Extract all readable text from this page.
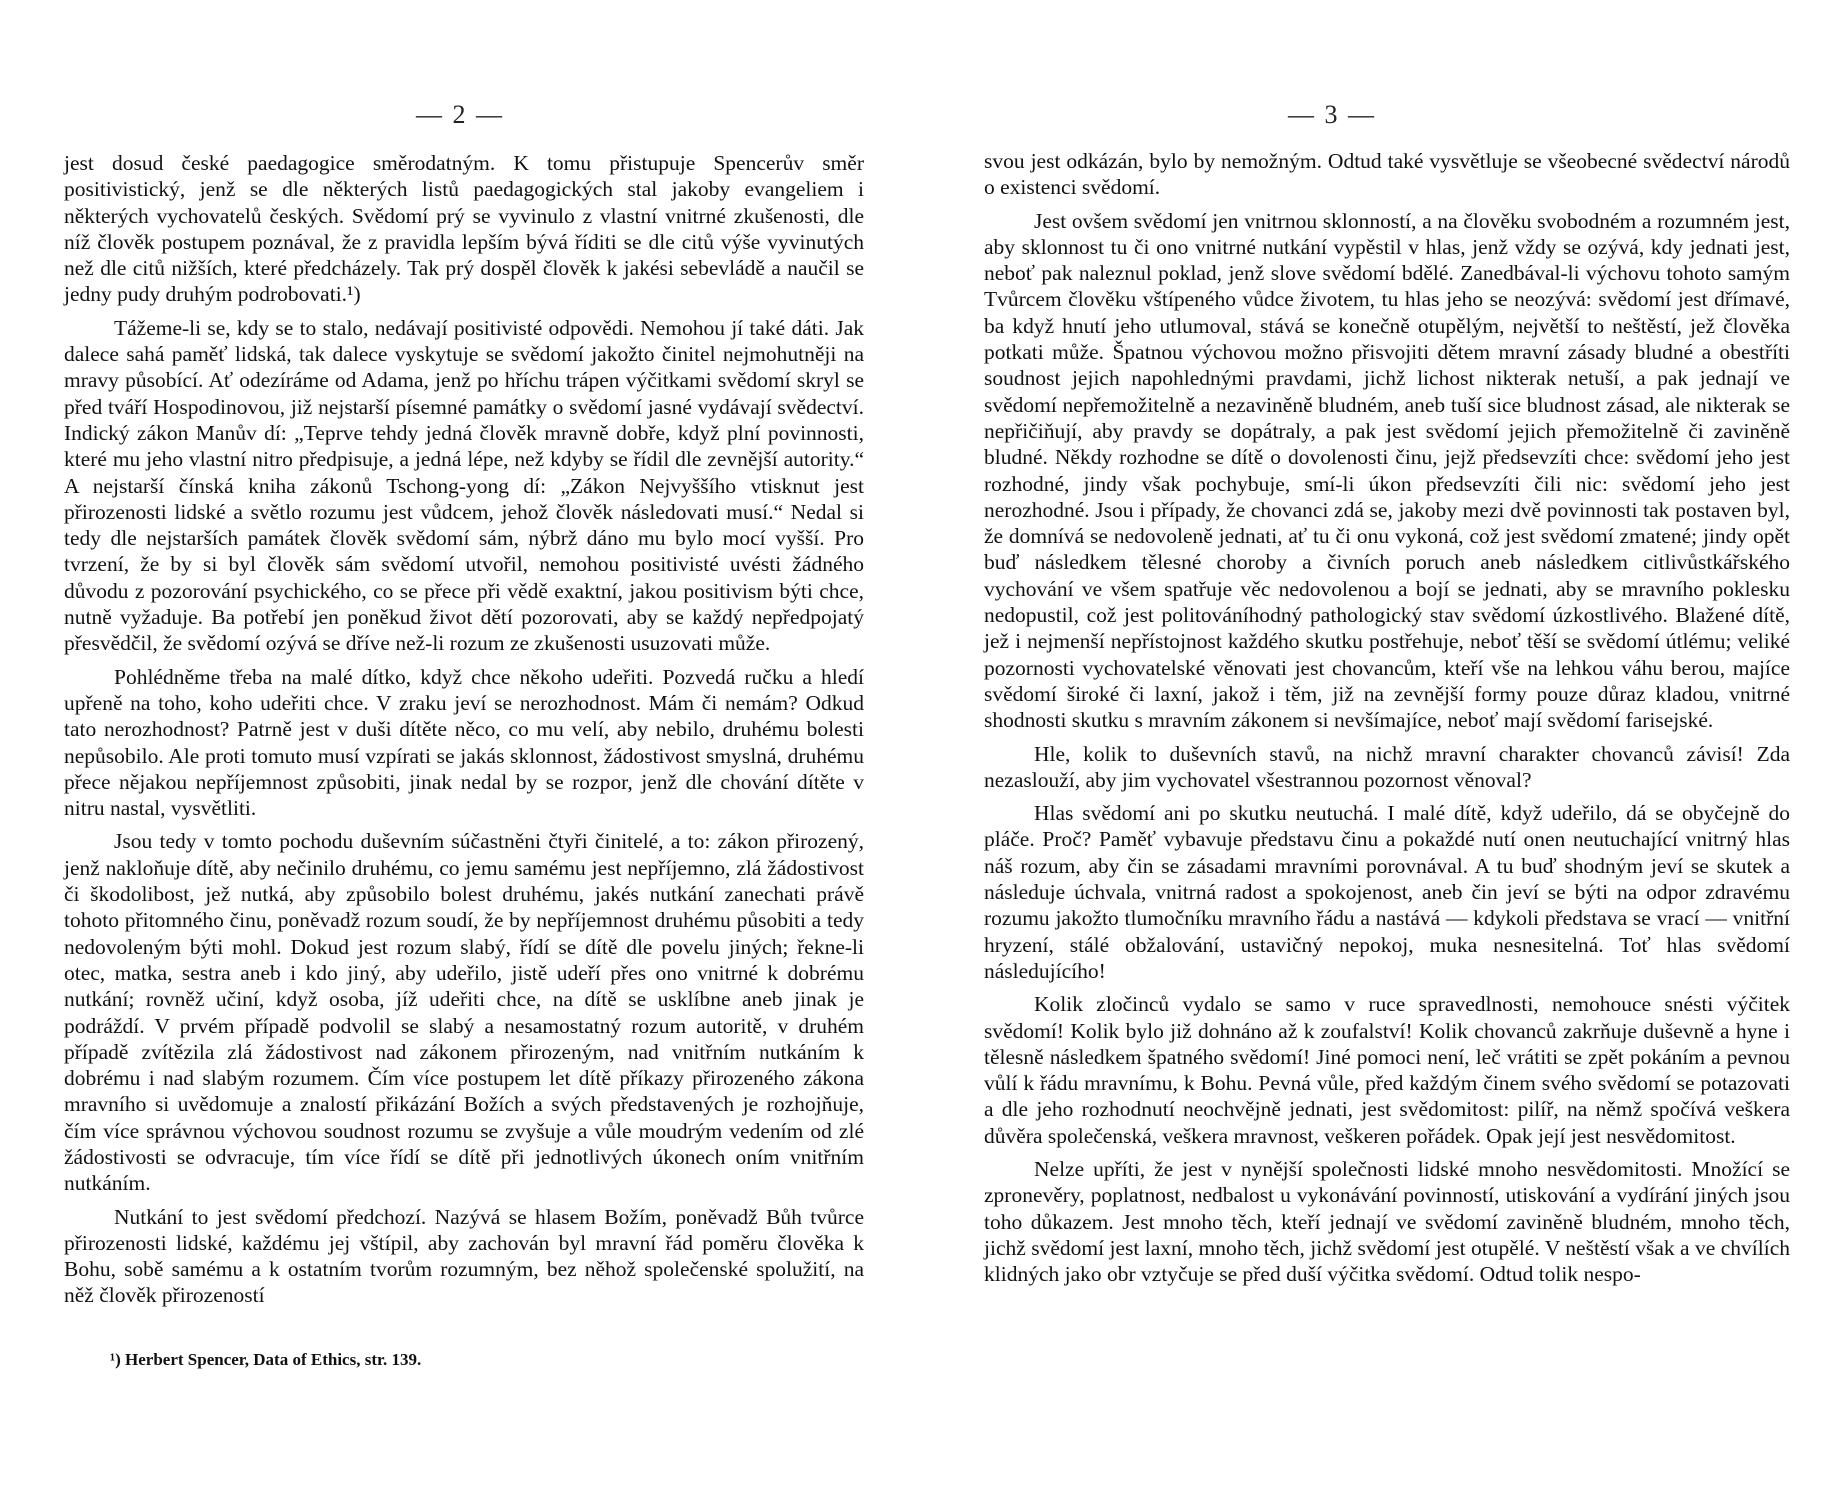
— 2 —

jest dosud české paedagogice směrodatným. K tomu přistupuje Spencerův směr positivistický, jenž se dle některých listů paedagogických stal jakoby evangeliem i některých vychovatelů českých. Svědomí prý se vyvinulo z vlastní vnitrné zkušenosti, dle níž člověk postupem poznával, že z pravidla lepším bývá říditi se dle citů výše vyvinutých než dle citů nižších, které předcházely. Tak prý dospěl člověk k jakési sebevládě a naučil se jedny pudy druhým podrobovati.¹)

Tážeme-li se, kdy se to stalo, nedávají positivisté odpovědi. Nemohou jí také dáti. Jak dalece sahá paměť lidská, tak dalece vyskytuje se svědomí jakožto činitel nejmohutněji na mravy působící. Ať odezíráme od Adama, jenž po hříchu trápen výčitkami svědomí skryl se před tváří Hospodinovou, již nejstarší písemné památky o svědomí jasné vydávají svědectví. Indický zákon Manův dí: „Teprve tehdy jedná člověk mravně dobře, když plní povinnosti, které mu jeho vlastní nitro předpisuje, a jedná lépe, než kdyby se řídil dle zevnější autority.“ A nejstarší čínská kniha zákonů Tschong-yong dí: „Zákon Nejvyššího vtisknut jest přirozenosti lidské a světlo rozumu jest vůdcem, jehož člověk následovati musí.“ Nedal si tedy dle nejstarších památek člověk svědomí sám, nýbrž dáno mu bylo mocí vyšší. Pro tvrzení, že by si byl člověk sám svědomí utvořil, nemohou positivisté uvésti žádného důvodu z pozorování psychického, co se přece při vědě exaktní, jakou positivism býti chce, nutně vyžaduje. Ba potřebí jen poněkud život dětí pozorovati, aby se každý nepředpojatý přesvědčil, že svědomí ozývá se dříve než-li rozum ze zkušenosti usuzovati může.

Pohlédněme třeba na malé dítko, když chce někoho udeřiti. Pozvedá ručku a hledí upřeně na toho, koho udeřiti chce. V zraku jeví se nerozhodnost. Mám či nemám? Odkud tato nerozhodnost? Patrně jest v duši dítěte něco, co mu velí, aby nebilo, druhému bolesti nepůsobilo. Ale proti tomuto musí vzpírati se jakás sklonnost, žádostivost smyslná, druhému přece nějakou nepříjemnost způsobiti, jinak nedal by se rozpor, jenž dle chování dítěte v nitru nastal, vysvětliti.

Jsou tedy v tomto pochodu duševním súčastněni čtyři činitelé, a to: zákon přirozený, jenž nakloňuje dítě, aby nečinilo druhému, co jemu samému jest nepříjemno, zlá žádostivost či škodolibost, jež nutká, aby způsobilo bolest druhému, jakés nutkání zanechati právě tohoto přitomného činu, poněvadž rozum soudí, že by nepříjemnost druhému působiti a tedy nedovoleným býti mohl. Dokud jest rozum slabý, řídí se dítě dle povelu jiných; řekne-li otec, matka, sestra aneb i kdo jiný, aby udeřilo, jistě udeří přes ono vnitrné k dobrému nutkání; rovněž učiní, když osoba, jíž udeřiti chce, na dítě se usklíbne aneb jinak je podráždí. V prvém případě podvolil se slabý a nesamostatný rozum autoritě, v druhém případě zvítězila zlá žádostivost nad zákonem přirozeným, nad vnitřním nutkáním k dobrému i nad slabým rozumem. Čím více postupem let dítě příkazy přirozeného zákona mravního si uvědomuje a znalostí přikázání Božích a svých představených je rozhojňuje, čím více správnou výchovou soudnost rozumu se zvyšuje a vůle moudrým vedením od zlé žádostivosti se odvracuje, tím více řídí se dítě při jednotlivých úkonech oním vnitřním nutkáním.

Nutkání to jest svědomí předchozí. Nazývá se hlasem Božím, poněvadž Bůh tvůrce přirozenosti lidské, každému jej vštípil, aby zachován byl mravní řád poměru člověka k Bohu, sobě samému a k ostatním tvorům rozumným, bez něhož společenské spolužití, na něž člověk přirozeností

¹) Herbert Spencer, Data of Ethics, str. 139.
— 3 —

svou jest odkázán, bylo by nemožným. Odtud také vysvětluje se všeobecné svědectví národů o existenci svědomí.

Jest ovšem svědomí jen vnitrnou sklonností, a na člověku svobodném a rozumném jest, aby sklonnost tu či ono vnitrné nutkání vypěstil v hlas, jenž vždy se ozývá, kdy jednati jest, neboť pak naleznul poklad, jenž slove svědomí bdělé. Zanedbával-li výchovu tohoto samým Tvůrcem člověku vštípeného vůdce životem, tu hlas jeho se neozývá: svědomí jest dřímavé, ba když hnutí jeho utlumoval, stává se konečně otupělým, největší to neštěstí, jež člověka potkati může. Špatnou výchovou možno přisvojiti dětem mravní zásady bludné a obestříti soudnost jejich napohlednými pravdami, jichž lichost nikterak netuší, a pak jednají ve svědomí nepřemožitelně a nezaviněně bludném, aneb tuší sice bludnost zásad, ale nikterak se nepřičiňují, aby pravdy se dopátraly, a pak jest svědomí jejich přemožitelně či zaviněně bludné. Někdy rozhodne se dítě o dovolenosti činu, jejž předsevzíti chce: svědomí jeho jest rozhodné, jindy však pochybuje, smí-li úkon předsevzíti čili nic: svědomí jeho jest nerozhodné. Jsou i případy, že chovanci zdá se, jakoby mezi dvě povinnosti tak postaven byl, že domnívá se nedovoleně jednati, ať tu či onu vykoná, což jest svědomí zmatené; jindy opět buď následkem tělesné choroby a čivních poruch aneb následkem citlivůstkářského vychování ve všem spatřuje věc nedovolenou a bojí se jednati, aby se mravního poklesku nedopustil, což jest politováníhodný pathologický stav svědomí úzkostlivého. Blažené dítě, jež i nejmenší nepřístojnost každého skutku postřehuje, neboť těší se svědomí útlému; veliké pozornosti vychovatelské věnovati jest chovancům, kteří vše na lehkou váhu berou, majíce svědomí široké či laxní, jakož i těm, již na zevnější formy pouze důraz kladou, vnitrné shodnosti skutku s mravním zákonem si nevšímajíce, neboť mají svědomí farisejské.

Hle, kolik to duševních stavů, na nichž mravní charakter chovanců závisí! Zda nezaslouží, aby jim vychovatel všestrannou pozornost věnoval?

Hlas svědomí ani po skutku neutuchá. I malé dítě, když udeřilo, dá se obyčejně do pláče. Proč? Paměť vybavuje představu činu a pokaždé nutí onen neutuchající vnitrný hlas náš rozum, aby čin se zásadami mravními porovnával. A tu buď shodným jeví se skutek a následuje úchvala, vnitrná radost a spokojenost, aneb čin jeví se býti na odpor zdravému rozumu jakožto tlumočníku mravního řádu a nastává — kdykoli představa se vrací — vnitřní hryzení, stálé obžalování, ustavičný nepokoj, muka nesnesitelná. Toť hlas svědomí následujícího!

Kolik zločinců vydalo se samo v ruce spravedlnosti, nemohouce snésti výčitek svědomí! Kolik bylo již dohnáno až k zoufalství! Kolik chovanců zakrňuje duševně a hyne i tělesně následkem špatného svědomí! Jiné pomoci není, leč vrátiti se zpět pokáním a pevnou vůlí k řádu mravnímu, k Bohu. Pevná vůle, před každým činem svého svědomí se potazovati a dle jeho rozhodnutí neochvějně jednati, jest svědomitost: pilíř, na němž spočívá veškera důvěra společenská, veškera mravnost, veškeren pořádek. Opak její jest nesvědomitost.

Nelze upříti, že jest v nynější společnosti lidské mnoho nesvědomitosti. Množící se zpronevěry, poplatnost, nedbalost u vykonávání povinností, utiskování a vydírání jiných jsou toho důkazem. Jest mnoho těch, kteří jednají ve svědomí zaviněně bludném, mnoho těch, jichž svědomí jest laxní, mnoho těch, jichž svědomí jest otupělé. V neštěstí však a ve chvílích klidných jako obr vztyčuje se před duší výčitka svědomí. Odtud tolik nespo-
